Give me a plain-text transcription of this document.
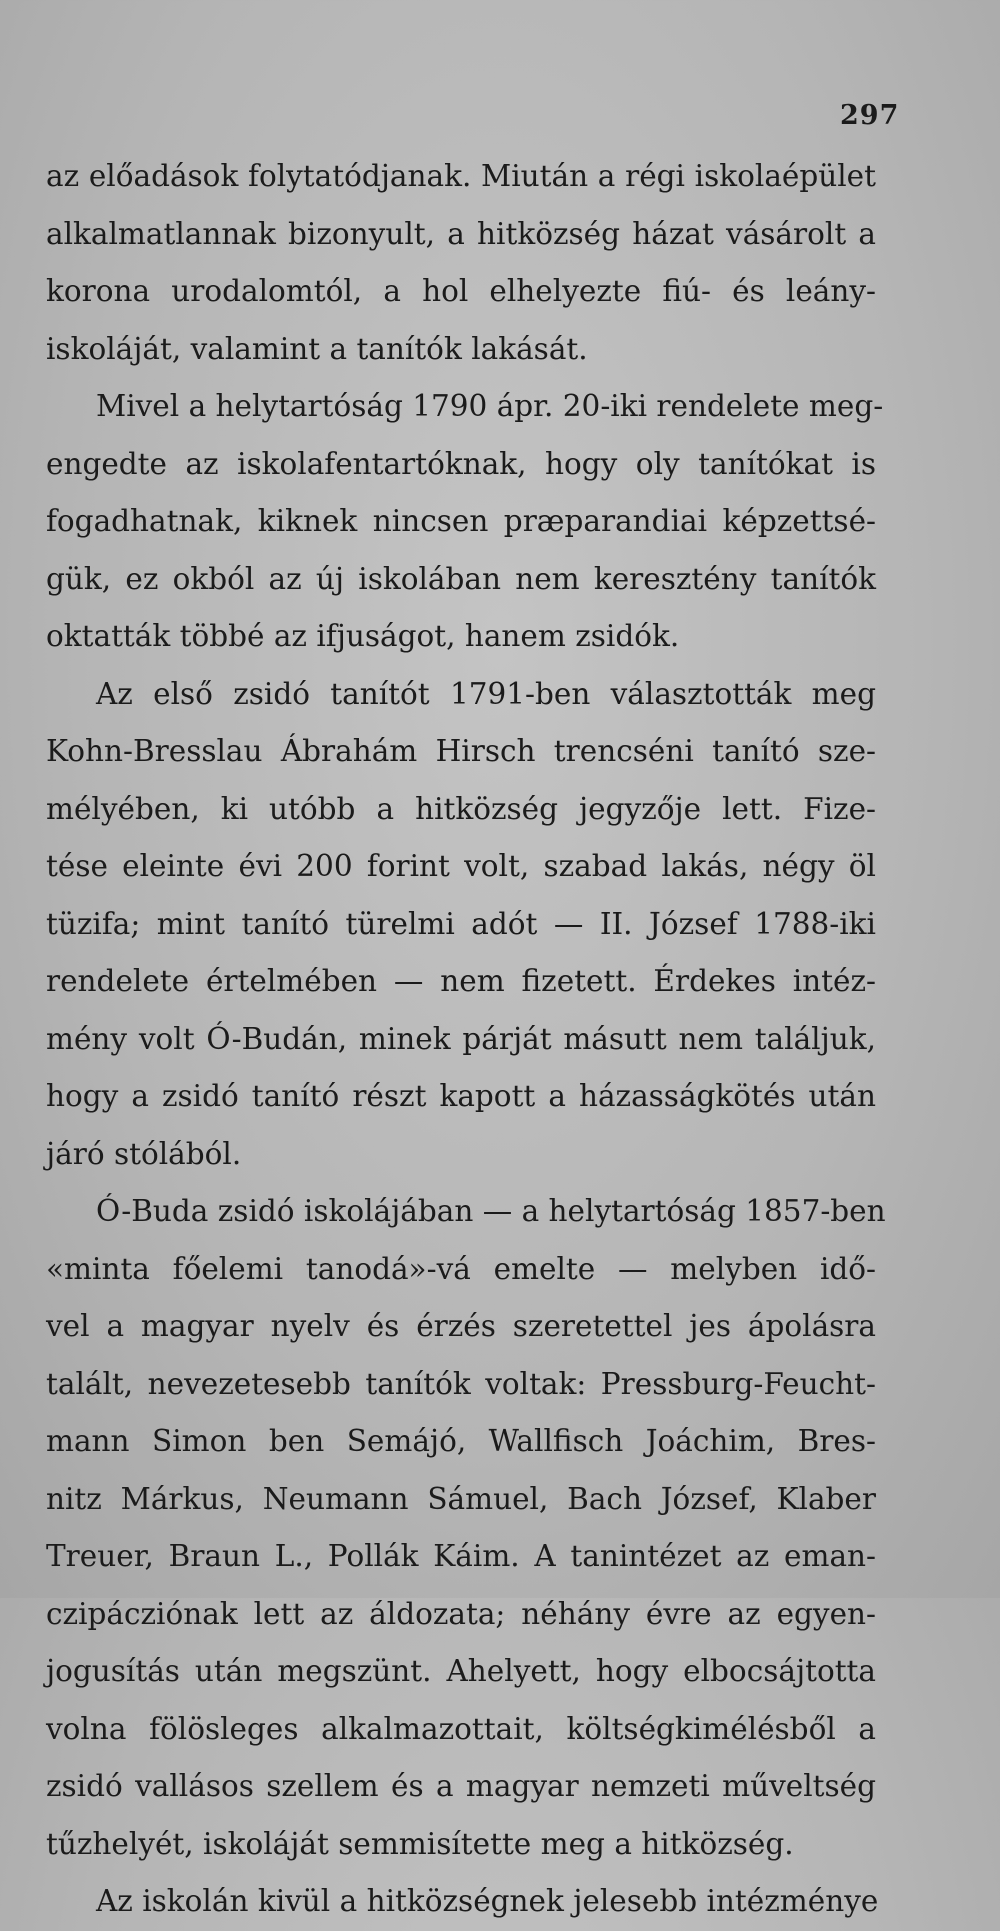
297
az előadások folytatódjanak. Miután a régi iskolaépület
alkalmatlannak bizonyult, a hitközség házat vásárolt a
korona urodalomtól, a hol elhelyezte fiú- és leány-
iskoláját, valamint a tanítók lakását.
Mivel a helytartóság 1790 ápr. 20-iki rendelete meg-
engedte az iskolafentartóknak, hogy oly tanítókat is
fogadhatnak, kiknek nincsen præparandiai képzettsé-
gük, ez okból az új iskolában nem keresztény tanítók
oktatták többé az ifjuságot, hanem zsidók.
Az első zsidó tanítót 1791-ben választották meg
Kohn-Bresslau Ábrahám Hirsch trencséni tanító sze-
mélyében, ki utóbb a hitközség jegyzője lett. Fize-
tése eleinte évi 200 forint volt, szabad lakás, négy öl
tüzifa; mint tanító türelmi adót — II. József 1788-iki
rendelete értelmében — nem fizetett. Érdekes intéz-
mény volt Ó-Budán, minek párját másutt nem találjuk,
hogy a zsidó tanító részt kapott a házasságkötés után
járó stólából.
Ó-Buda zsidó iskolájában — a helytartóság 1857-ben
«minta főelemi tanodá»-vá emelte — melyben idő-
vel a magyar nyelv és érzés szeretettel jes ápolásra
talált, nevezetesebb tanítók voltak: Pressburg-Feucht-
mann Simon ben Semájó, Wallfisch Joáchim, Bres-
nitz Márkus, Neumann Sámuel, Bach József, Klaber
Treuer, Braun L., Pollák Káim. A tanintézet az eman-
czipácziónak lett az áldozata; néhány évre az egyen-
jogusítás után megszünt. Ahelyett, hogy elbocsájtotta
volna fölösleges alkalmazottait, költségkimélésből a
zsidó vallásos szellem és a magyar nemzeti műveltség
tűzhelyét, iskoláját semmisítette meg a hitközség.
Az iskolán kivül a hitközségnek jelesebb intézménye
